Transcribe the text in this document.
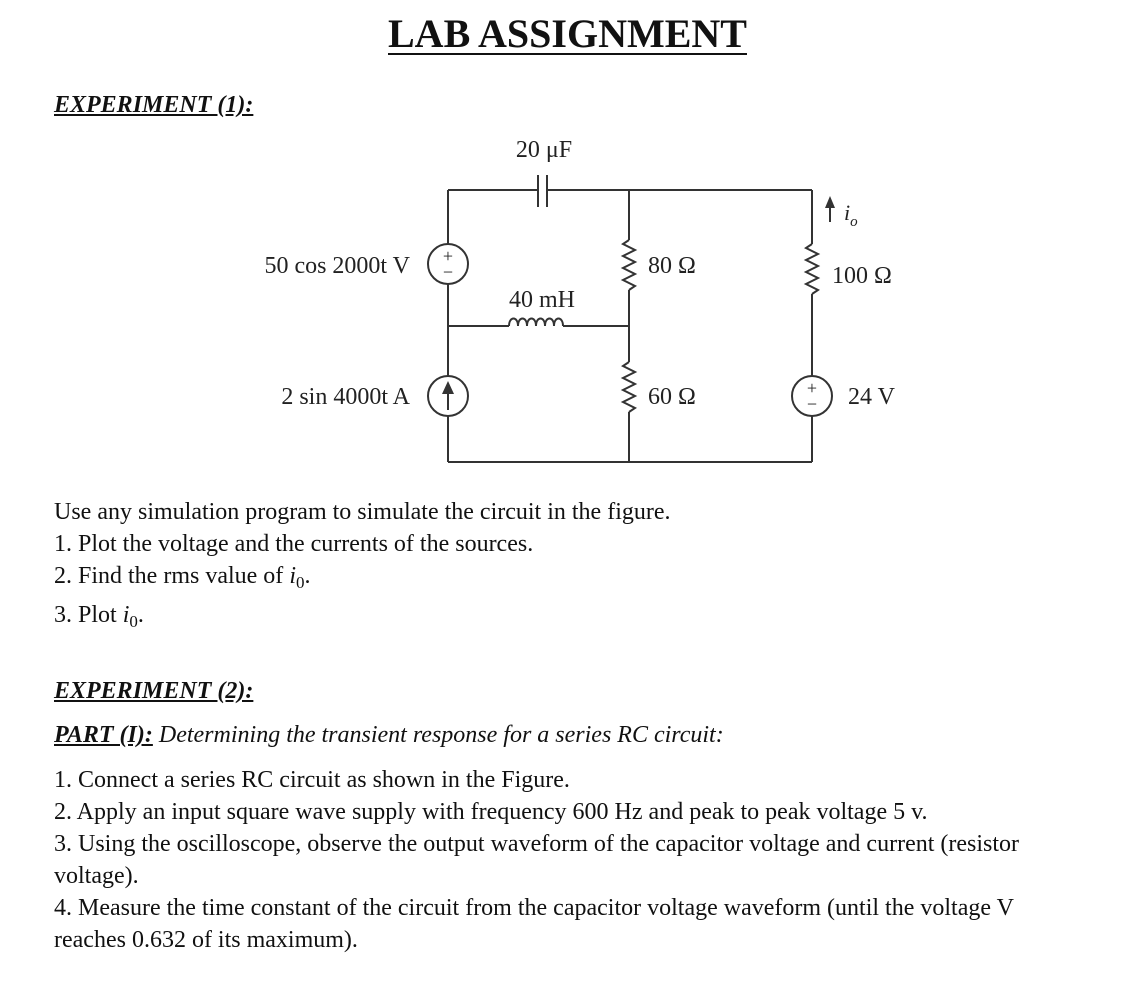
LAB ASSIGNMENT
EXPERIMENT (1):
+
−
+
−
20 μF
50 cos 2000t V
2 sin 4000t A
40 mH
80 Ω
60 Ω
100 Ω
24 V
$i_o$
Use any simulation program to simulate the circuit in the figure.
1. Plot the voltage and the currents of the sources.
2. Find the rms value of $i_0$.
3. Plot $i_0$.
EXPERIMENT (2):
PART (I): Determining the transient response for a series RC circuit:

1. Connect a series RC circuit as shown in the Figure.

2. Apply an input square wave supply with frequency 600 Hz and peak to peak voltage 5 v.

3. Using the oscilloscope, observe the output waveform of the capacitor voltage and current (resistor voltage).

4. Measure the time constant of the circuit from the capacitor voltage waveform (until the voltage V reaches 0.632 of its maximum).
